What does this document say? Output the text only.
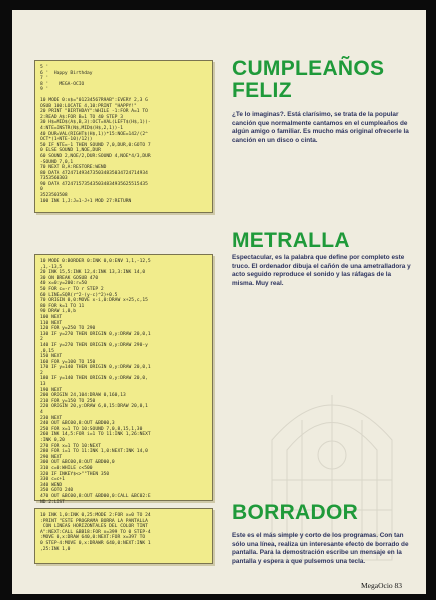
5 '
6 '  Happy Birthday
7 '
8 '    MEGA-OCIO
9 '
10 MODE 0:n$="01234567R9AB":EVERY 2,3 G
OSUB 100:LOCATE 4,10:PRINT "HAPPY!"
20 PRINT "BIRTHDAY":WHILE -1:FOR A=1 TO
2:READ A$:FOR B=1 TO 40 STEP 3
30 H$=MID$(A$,B,3):OCT=VAL(LEFT$(H$,1))-
4:NTE=INSTR(N$,MID$(H$,2,1))-1
40 DUR=VAL(RIGHT$(H$,1))*15:NOE=142/(2^
OCT*(1+NTE-10)/12))
50 IF NTE=-1 THEN SOUND 7,0,DUR,0:GOTO 7
0 ELSE SOUND 1,NOE,DUR
60 SOUND 2,NOE/2,DUR:SOUND 4,NOE*4/3,DUR
-SOUND 7,0,1
70 NEXT B,A:RESTORE:WEND
80 DATA 4724714934735034835034724714934
7353560303
90 DATA 4724715735435034834935625515435
0
3523503508
100 INK 1,J:J=1-J+1 MOD 27:RETURN
10 MODE 0:BORDER 0:INK 0,0:ENV 1,1,-12,5
,1,-13,5
20 INK 15,5:INK 12,4:INK 13,3:INK 14,0
30 ON BREAK GOSUB 470
40 x=0:y=200:r=50
50 FOR c=-r TO r STEP 2
60 LINE=SQR(r^2-(y-c)^2)+0.5
70 ORIGIN 0,0:MOVE x-i,0:DRAW x+25,c,15
80 FOR k=1 TO 11
90 DRAW i,0,b
100 NEXT
110 NEXT
120 FOR y=250 TO 290
130 IF y=270 THEN ORIGIN 0,y:DRAW 20,0,1
2
140 IF y=270 THEN ORIGIN 0,y:DRAW 290-y
,0,15
150 NEXT
160 FOR y=100 TO 150
170 IF y=140 THEN ORIGIN 0,y:DRAW 20,0,1
2
180 IF y=140 THEN ORIGIN 0,y:DRAW 20,0,
13
190 NEXT
200 ORIGIN 24,104:DRAW 0,160,13
210 FOR y=150 TO 250
220 ORIGIN 20,y:DRAW 6,0,15:DRAW 20,0,1
4
230 NEXT
240 OUT &BC00,8:OUT &BD00,3
250 FOR x=1 TO 10:SOUND 7,0,8,15,1,30
260 INK 14,5:FOR i=1 TO 11:INK 1,26:NEXT
:INK 0,20
270 FOR x=1 TO 10:NEXT
280 FOR i=1 TO 11:INK 1,0:NEXT:INK 14,0
290 NEXT
300 OUT &BC00,8:OUT &BD00,0
310 c=0:WHILE c<500
320 IF INKEY$<>""THEN 350
330 c=c+1
340 WEND
350 GOTO 240
470 OUT &BC00,8:OUT &BD00,0:CALL &BC02:E
ND 2:LIST
10 INK 1,0:INK 0,25:MODE 2:FOR x=0 TO 24
:PRINT "ESTE PROGRAMA BORRA LA PANTALLA
CON LINEAS HORIZONTALES DEL COLOR TINT
A":NEXT:CALL &BB18:FOR x=399 TO 0 STEP-4
:MOVE 0,x:DRAW 640,0:NEXT:FOR x=397 TO
0 STEP-4:MOVE 0,x:DRAWR 640,0:NEXT:INK 1
,25:INK 1,0
CUMPLEAÑOS
FELIZ
¿Te lo imaginas?. Está clarísimo, se trata de la popular canción que normalmente cantamos en el cumpleaños de algún amigo o familiar. Es mucho más original ofrecerle la canción en un disco o cinta.
METRALLA
Espectacular, es la palabra que define por completo este truco. El ordenador dibuja el cañón de una ametralladora y acto seguido reproduce el sonido y las ráfagas de la misma. Muy real.
BORRADOR
Este es el más simple y corto de los programas. Con tan sólo una línea, realiza un interesante efecto de borrado de pantalla. Para la demostración escribe un mensaje en la pantalla y espera a que pulsemos una tecla.
MegaOcio 83
